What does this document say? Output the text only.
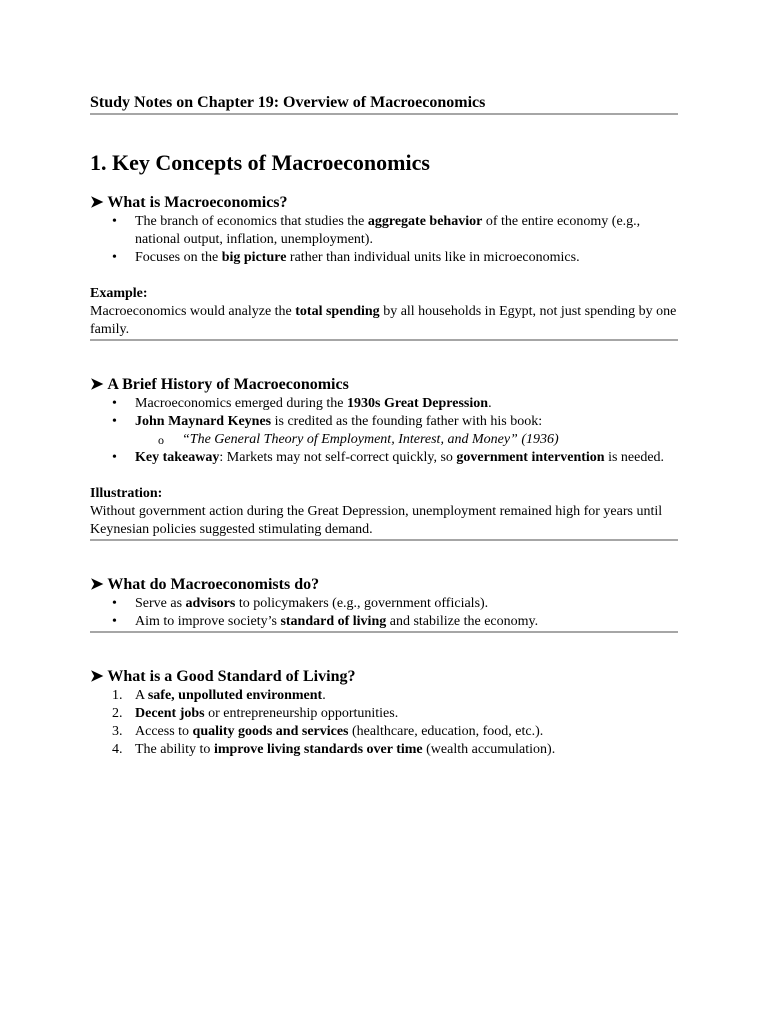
Study Notes on Chapter 19: Overview of Macroeconomics

1. Key Concepts of Macroeconomics
➤ What is Macroeconomics?
• The branch of economics that studies the aggregate behavior of the entire economy (e.g., national output, inflation, unemployment).
• Focuses on the big picture rather than individual units like in microeconomics.

Example:

Macroeconomics would analyze the total spending by all households in Egypt, not just spending by one family.

➤ A Brief History of Macroeconomics
• Macroeconomics emerged during the 1930s Great Depression.
• John Maynard Keynes is credited as the founding father with his book:
o “The General Theory of Employment, Interest, and Money” (1936)
• Key takeaway: Markets may not self-correct quickly, so government intervention is needed.

Illustration:

Without government action during the Great Depression, unemployment remained high for years until Keynesian policies suggested stimulating demand.

➤ What do Macroeconomists do?
• Serve as advisors to policymakers (e.g., government officials).
• Aim to improve society’s standard of living and stabilize the economy.
➤ What is a Good Standard of Living?
1. A safe, unpolluted environment.
2. Decent jobs or entrepreneurship opportunities.
3. Access to quality goods and services (healthcare, education, food, etc.).
4. The ability to improve living standards over time (wealth accumulation).
